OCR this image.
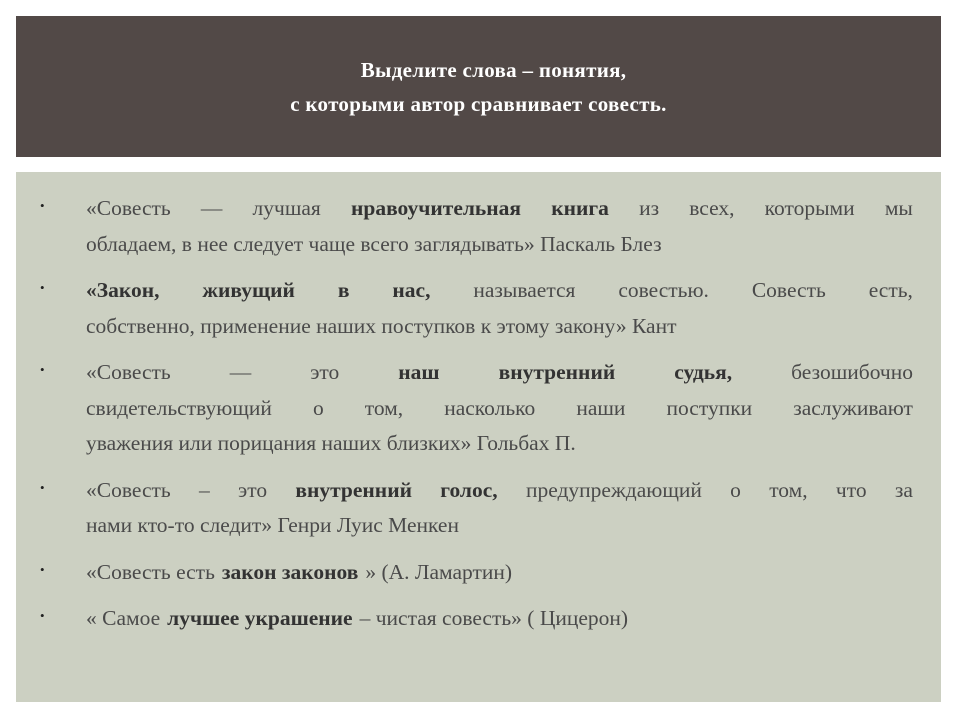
Выделите слова – понятия,
с которыми автор сравнивает совесть.
• «Совесть — лучшая нравоучительная книга из всех, которыми мы
обладаем, в нее следует чаще всего заглядывать» Паскаль Блез
• «Закон, живущий в нас, называется совестью. Совесть есть,
собственно, применение наших поступков к этому закону» Кант
• «Совесть	—	это	наш	внутренний	судья,	безошибочно
свидетельствующий о том, насколько наши поступки заслуживают
уважения или порицания наших близких» Гольбах П.
• «Совесть – это внутренний голос, предупреждающий о том, что за
нами кто-то следит» Генри Луис Менкен
• «Совесть есть закон законов » (А. Ламартин)
• « Самое лучшее украшение – чистая совесть» ( Цицерон)
